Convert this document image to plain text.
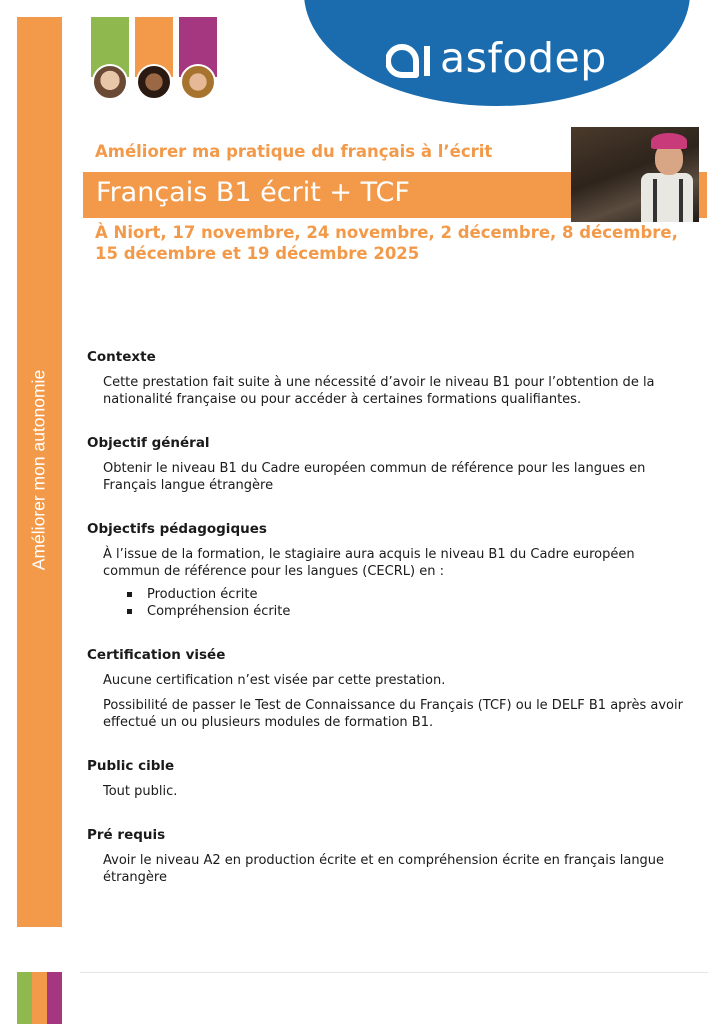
Améliorer mon autonomie
asfodep
Améliorer ma pratique du français à l’écrit
Français B1 écrit + TCF

À Niort, 17 novembre, 24 novembre, 2 décembre, 8 décembre, 15 décembre et 19 décembre 2025

Contexte

Cette prestation fait suite à une nécessité d’avoir le niveau B1 pour l’obtention de la nationalité française ou pour accéder à certaines formations qualifiantes.

Objectif général

Obtenir le niveau B1 du Cadre européen commun de référence pour les langues en Français langue étrangère

Objectifs pédagogiques

À l’issue de la formation, le stagiaire aura acquis le niveau B1 du Cadre européen commun de référence pour les langues (CECRL) en :

Production écrite
Compréhension écrite

Certification visée

Aucune certification n’est visée par cette prestation.

Possibilité de passer le Test de Connaissance du Français (TCF) ou le DELF B1 après avoir effectué un ou plusieurs modules de formation B1.

Public cible

Tout public.

Pré requis

Avoir le niveau A2 en production écrite et en compréhension écrite en français langue étrangère
